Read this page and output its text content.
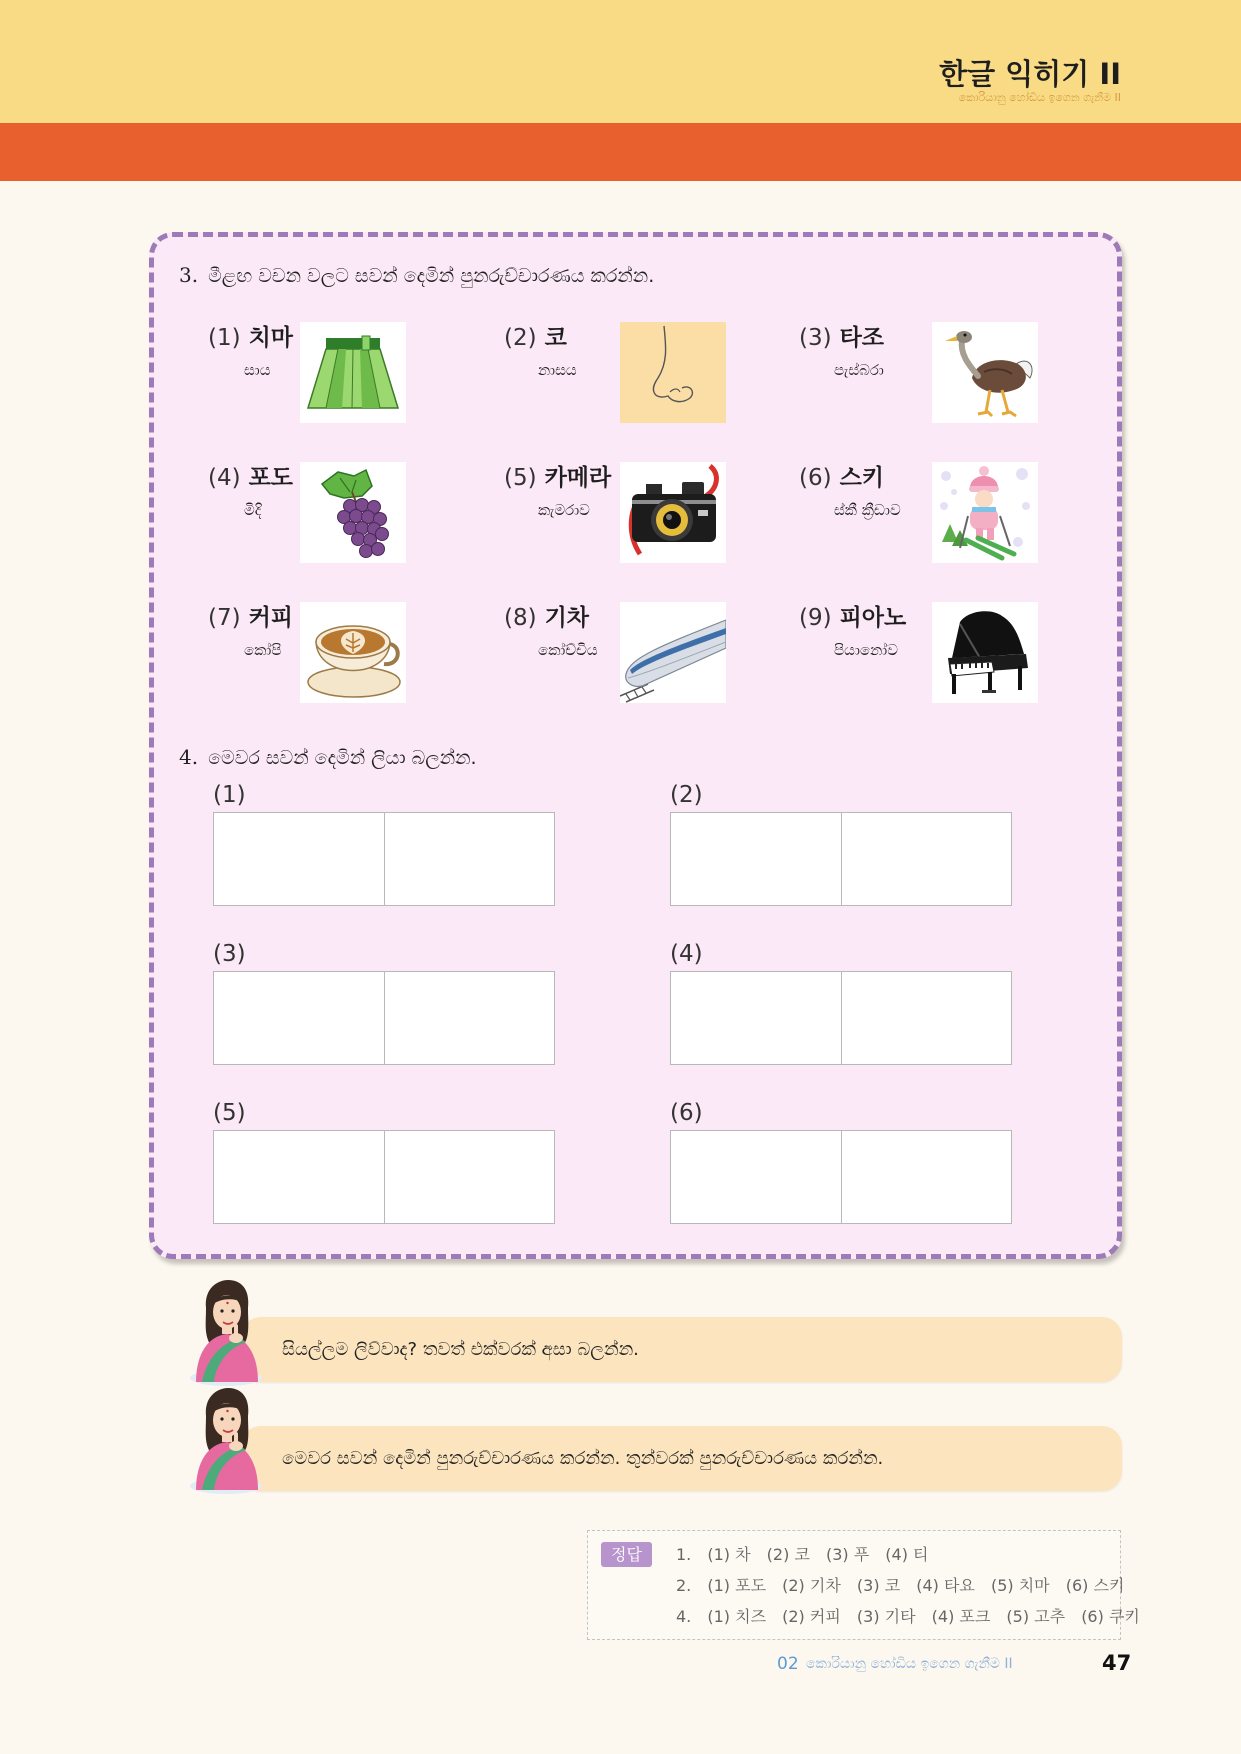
한글 익히기 II
කොරියානු හෝඩිය ඉගෙන ගැනීම II
3. මීළඟ වචන වලට සවන් දෙමින් පුනරුච්චාරණය කරන්න.
(1) 치마
සාය
(2) 코
නාසය
(3) 타조
පැස්බරා
(4) 포도
මිදි
(5) 카메라
කැමරාව
(6) 스키
ස්කී ක්‍රීඩාව
(7) 커피
කෝපි
(8) 기차
කෝච්චිය
(9) 피아노
පියානෝව
4. මෙවර සවන් දෙමින් ලියා බලන්න.
(1)	(2)
(3)	(4)
(5)	(6)
සියල්ලම ලිව්වාද? තවත් එක්වරක් අසා බලන්න.
මෙවර සවන් දෙමින් පුනරුච්චාරණය කරන්න. තුන්වරක් පුනරුච්චාරණය කරන්න.
정답	1. (1) 차 (2) 코 (3) 푸 (4) 티
2. (1) 포도 (2) 기차 (3) 코 (4) 타요 (5) 치마 (6) 스키
4. (1) 치즈 (2) 커피 (3) 기타 (4) 포크 (5) 고추 (6) 쿠키
02 කොරියානු හෝඩිය ඉගෙන ගැනීම II	47
